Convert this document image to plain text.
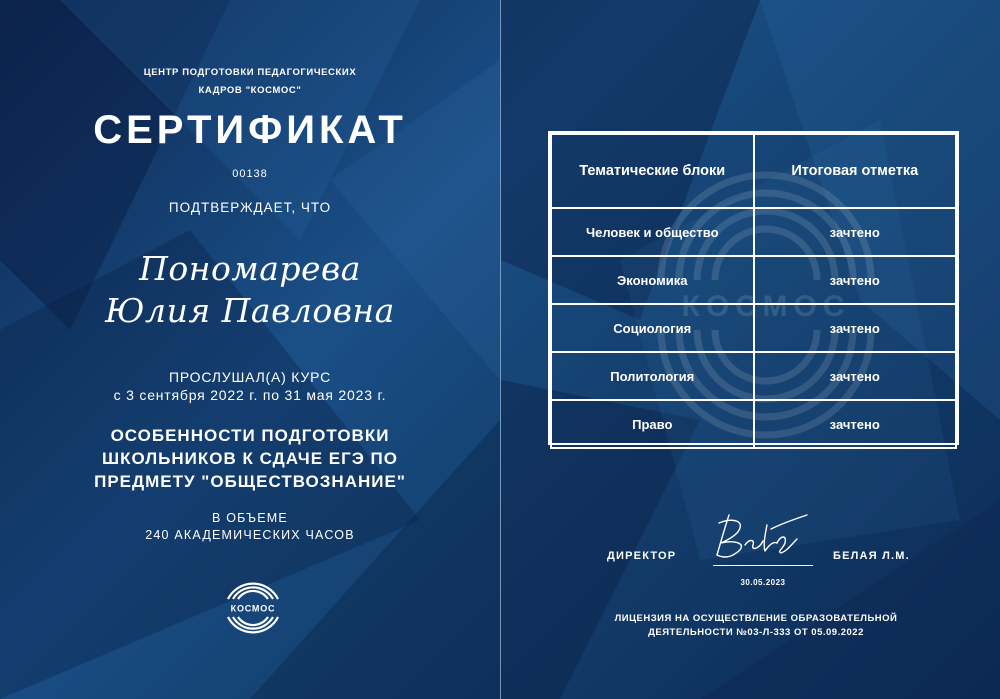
ЦЕНТР ПОДГОТОВКИ ПЕДАГОГИЧЕСКИХ
КАДРОВ "КОСМОС"
СЕРТИФИКАТ
00138
ПОДТВЕРЖДАЕТ, ЧТО
Пономарева
Юлия Павловна
ПРОСЛУШАЛ(А) КУРС
с 3 сентября 2022 г. по 31 мая 2023 г.
ОСОБЕННОСТИ ПОДГОТОВКИ
ШКОЛЬНИКОВ К СДАЧЕ ЕГЭ ПО
ПРЕДМЕТУ "ОБЩЕСТВОЗНАНИЕ"
В ОБЪЕМЕ
240 АКАДЕМИЧЕСКИХ ЧАСОВ
КОСМОС
КОСМОС
Тематические блоки	Итоговая отметка
Человек и общество	зачтено
Экономика	зачтено
Социология	зачтено
Политология	зачтено
Право	зачтено
ДИРЕКТОР	БЕЛАЯ Л.М.
30.05.2023
ЛИЦЕНЗИЯ НА ОСУЩЕСТВЛЕНИЕ ОБРАЗОВАТЕЛЬНОЙ
ДЕЯТЕЛЬНОСТИ №03-Л-333 ОТ 05.09.2022
